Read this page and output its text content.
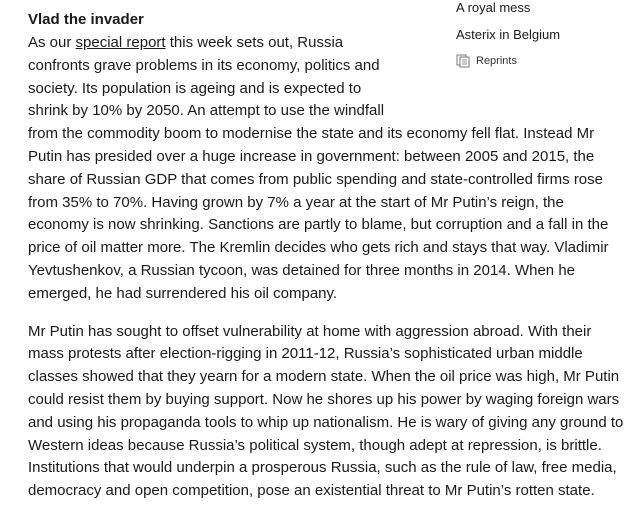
A royal mess
Asterix in Belgium
Reprints
Vlad the invader

As our special report this week sets out, Russia confronts grave problems in its economy, politics and society. Its population is ageing and is expected to shrink by 10% by 2050. An attempt to use the windfall from the commodity boom to modernise the state and its economy fell flat. Instead Mr Putin has presided over a huge increase in government: between 2005 and 2015, the share of Russian GDP that comes from public spending and state-controlled firms rose from 35% to 70%. Having grown by 7% a year at the start of Mr Putin’s reign, the economy is now shrinking. Sanctions are partly to blame, but corruption and a fall in the price of oil matter more. The Kremlin decides who gets rich and stays that way. Vladimir Yevtushenkov, a Russian tycoon, was detained for three months in 2014. When he emerged, he had surrendered his oil company.

Mr Putin has sought to offset vulnerability at home with aggression abroad. With their mass protests after election-rigging in 2011-12, Russia’s sophisticated urban middle classes showed that they yearn for a modern state. When the oil price was high, Mr Putin could resist them by buying support. Now he shores up his power by waging foreign wars and using his propaganda tools to whip up nationalism. He is wary of giving any ground to Western ideas because Russia’s political system, though adept at repression, is brittle. Institutions that would underpin a prosperous Russia, such as the rule of law, free media, democracy and open competition, pose an existential threat to Mr Putin’s rotten state.
